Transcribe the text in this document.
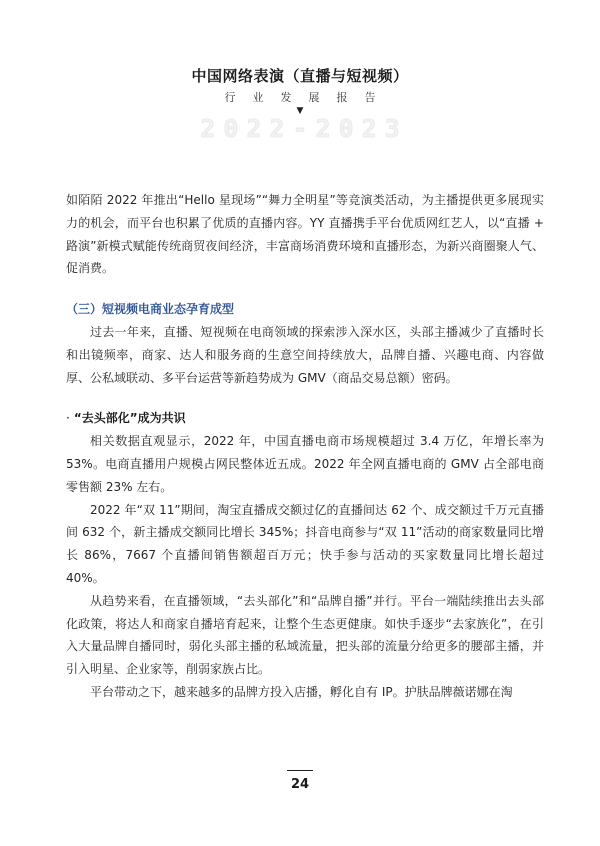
中国网络表演（直播与短视频）
行业发展报告
▼
2022-2023

如陌陌 2022 年推出“Hello 星现场”“舞力全明星”等竞演类活动，为主播提供更多展现实力的机会，而平台也积累了优质的直播内容。YY 直播携手平台优质网红艺人，以“直播 + 路演”新模式赋能传统商贸夜间经济，丰富商场消费环境和直播形态，为新兴商圈聚人气、促消费。

（三）短视频电商业态孕育成型

过去一年来，直播、短视频在电商领域的探索涉入深水区，头部主播减少了直播时长和出镜频率，商家、达人和服务商的生意空间持续放大，品牌自播、兴趣电商、内容做厚、公私域联动、多平台运营等新趋势成为 GMV（商品交易总额）密码。

· “去头部化”成为共识

相关数据直观显示，2022 年，中国直播电商市场规模超过 3.4 万亿，年增长率为 53%。电商直播用户规模占网民整体近五成。2022 年全网直播电商的 GMV 占全部电商零售额 23% 左右。

2022 年“双 11”期间，淘宝直播成交额过亿的直播间达 62 个、成交额过千万元直播间 632 个，新主播成交额同比增长 345%；抖音电商参与“双 11”活动的商家数量同比增长 86%，7667 个直播间销售额超百万元；快手参与活动的买家数量同比增长超过 40%。

从趋势来看，在直播领域，“去头部化”和“品牌自播”并行。平台一端陆续推出去头部化政策，将达人和商家自播培育起来，让整个生态更健康。如快手逐步“去家族化”，在引入大量品牌自播同时，弱化头部主播的私域流量，把头部的流量分给更多的腰部主播，并引入明星、企业家等，削弱家族占比。

平台带动之下，越来越多的品牌方投入店播，孵化自有 IP。护肤品牌薇诺娜在淘

24
